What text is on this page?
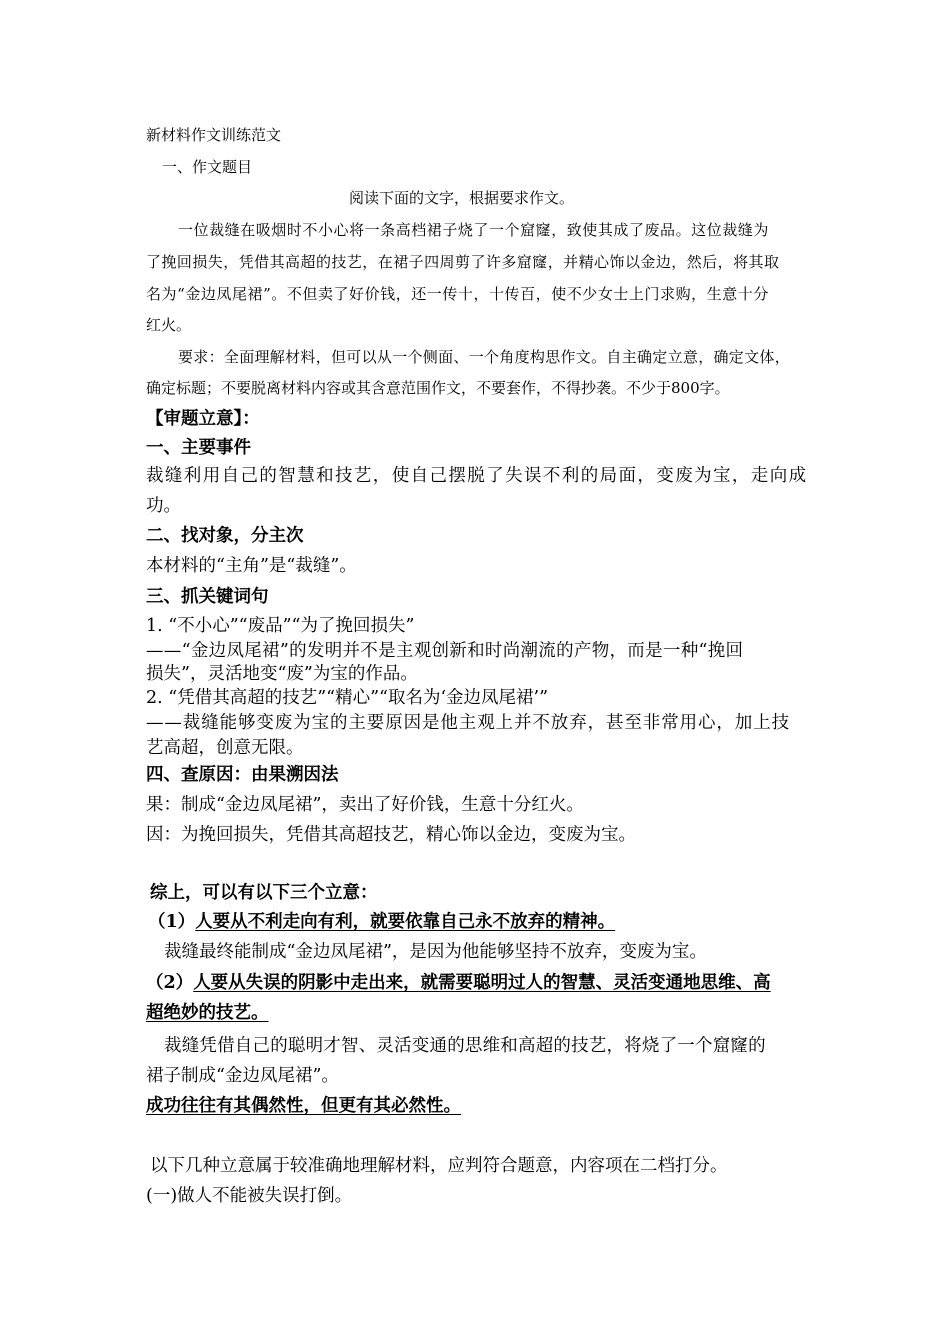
新材料作文训练范文
一、作文题目
阅读下面的文字，根据要求作文。
一位裁缝在吸烟时不小心将一条高档裙子烧了一个窟窿，致使其成了废品。这位裁缝为
了挽回损失，凭借其高超的技艺，在裙子四周剪了许多窟窿，并精心饰以金边，然后，将其取
名为“金边凤尾裙”。不但卖了好价钱，还一传十，十传百，使不少女士上门求购，生意十分
红火。
要求：全面理解材料，但可以从一个侧面、一个角度构思作文。自主确定立意，确定文体，
确定标题；不要脱离材料内容或其含意范围作文，不要套作，不得抄袭。不少于800字。
【审题立意】：
一、主要事件
裁缝利用自己的智慧和技艺，使自己摆脱了失误不利的局面，变废为宝，走向成
功。
二、找对象，分主次
本材料的“主角”是“裁缝”。
三、抓关键词句
1. “不小心”“废品”“为了挽回损失”
——“金边凤尾裙”的发明并不是主观创新和时尚潮流的产物，而是一种“挽回
损失”，灵活地变“废”为宝的作品。
2. “凭借其高超的技艺”“精心”“取名为‘金边凤尾裙’”
——裁缝能够变废为宝的主要原因是他主观上并不放弃，甚至非常用心，加上技
艺高超，创意无限。
四、查原因：由果溯因法
果：制成“金边凤尾裙”，卖出了好价钱，生意十分红火。
因：为挽回损失，凭借其高超技艺，精心饰以金边，变废为宝。
综上，可以有以下三个立意：
（1）人要从不利走向有利，就要依靠自己永不放弃的精神。
裁缝最终能制成“金边凤尾裙”，是因为他能够坚持不放弃，变废为宝。
（2）人要从失误的阴影中走出来，就需要聪明过人的智慧、灵活变通地思维、高
超绝妙的技艺。
裁缝凭借自己的聪明才智、灵活变通的思维和高超的技艺，将烧了一个窟窿的
裙子制成“金边凤尾裙”。
成功往往有其偶然性，但更有其必然性。
以下几种立意属于较准确地理解材料，应判符合题意，内容项在二档打分。
(一)做人不能被失误打倒。
